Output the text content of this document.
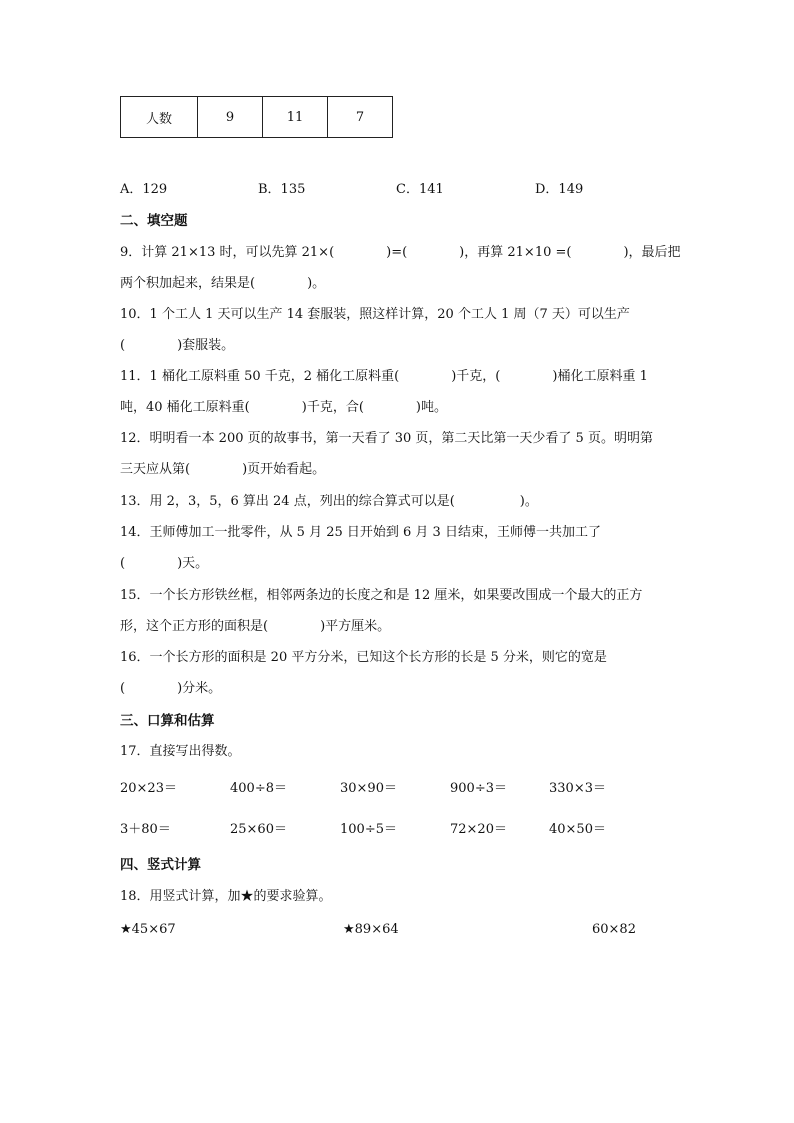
人数	9	11	7
A．129	B．135	C．141	D．149
二、填空题
9．计算 21×13 时，可以先算 21×(　　　　)=(　　　　)，再算 21×10 =(　　　　)，最后把
两个积加起来，结果是(　　　　)。
10．1 个工人 1 天可以生产 14 套服装，照这样计算，20 个工人 1 周（7 天）可以生产
(　　　　)套服装。
11．1 桶化工原料重 50 千克，2 桶化工原料重(　　　　)千克，(　　　　)桶化工原料重 1
吨，40 桶化工原料重(　　　　)千克，合(　　　　)吨。
12．明明看一本 200 页的故事书，第一天看了 30 页，第二天比第一天少看了 5 页。明明第
三天应从第(　　　　)页开始看起。
13．用 2，3，5，6 算出 24 点，列出的综合算式可以是(　　　　　)。
14．王师傅加工一批零件，从 5 月 25 日开始到 6 月 3 日结束，王师傅一共加工了
(　　　　)天。
15．一个长方形铁丝框，相邻两条边的长度之和是 12 厘米，如果要改围成一个最大的正方
形，这个正方形的面积是(　　　　)平方厘米。
16．一个长方形的面积是 20 平方分米，已知这个长方形的长是 5 分米，则它的宽是
(　　　　)分米。
三、口算和估算
17．直接写出得数。
20×23＝	400÷8＝	30×90＝	900÷3＝	330×3＝
3＋80＝	25×60＝	100÷5＝	72×20＝	40×50＝
四、竖式计算
18．用竖式计算，加★的要求验算。
★45×67	★89×64	60×82
